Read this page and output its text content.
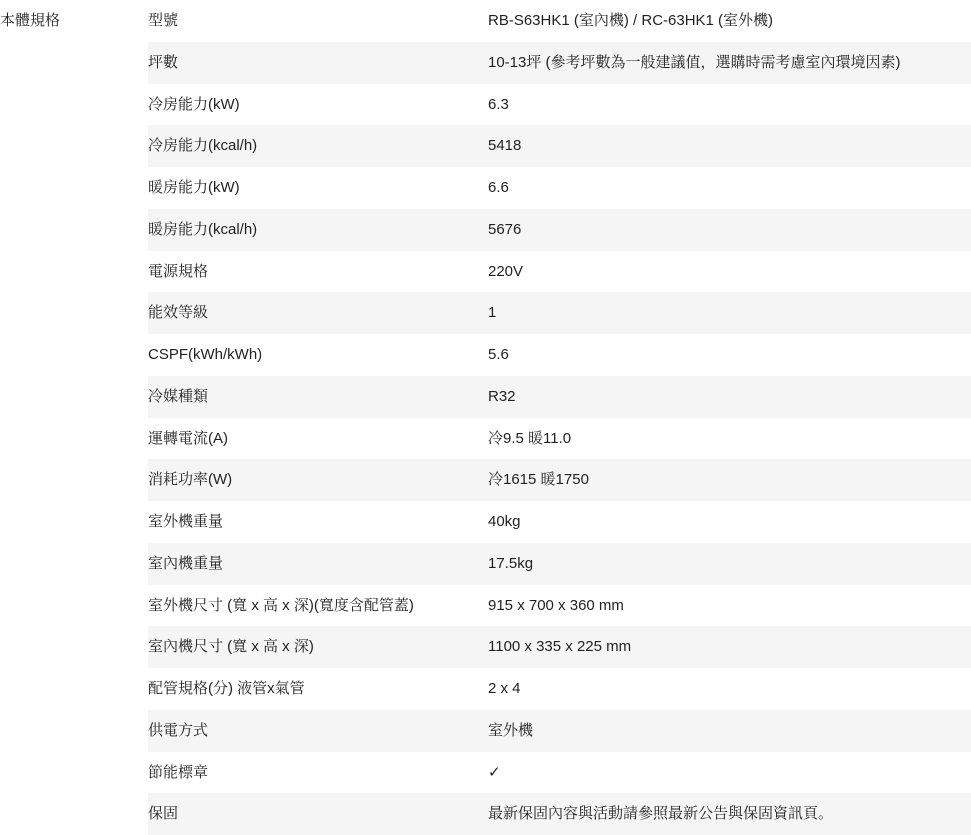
本體規格	型號	RB-S63HK1 (室內機) / RC-63HK1 (室外機)
	坪數	10-13坪 (參考坪數為一般建議值，選購時需考慮室內環境因素)
	冷房能力(kW)	6.3
	冷房能力(kcal/h)	5418
	暖房能力(kW)	6.6
	暖房能力(kcal/h)	5676
	電源規格	220V
	能效等級	1
	CSPF(kWh/kWh)	5.6
	冷媒種類	R32
	運轉電流(A)	冷9.5 暖11.0
	消耗功率(W)	冷1615 暖1750
	室外機重量	40kg
	室內機重量	17.5kg
	室外機尺寸 (寬 x 高 x 深)(寬度含配管蓋)	915 x 700 x 360 mm
	室內機尺寸 (寬 x 高 x 深)	1100 x 335 x 225 mm
	配管規格(分) 液管x氣管	2 x 4
	供電方式	室外機
	節能標章	✓
	保固	最新保固內容與活動請參照最新公告與保固資訊頁。
